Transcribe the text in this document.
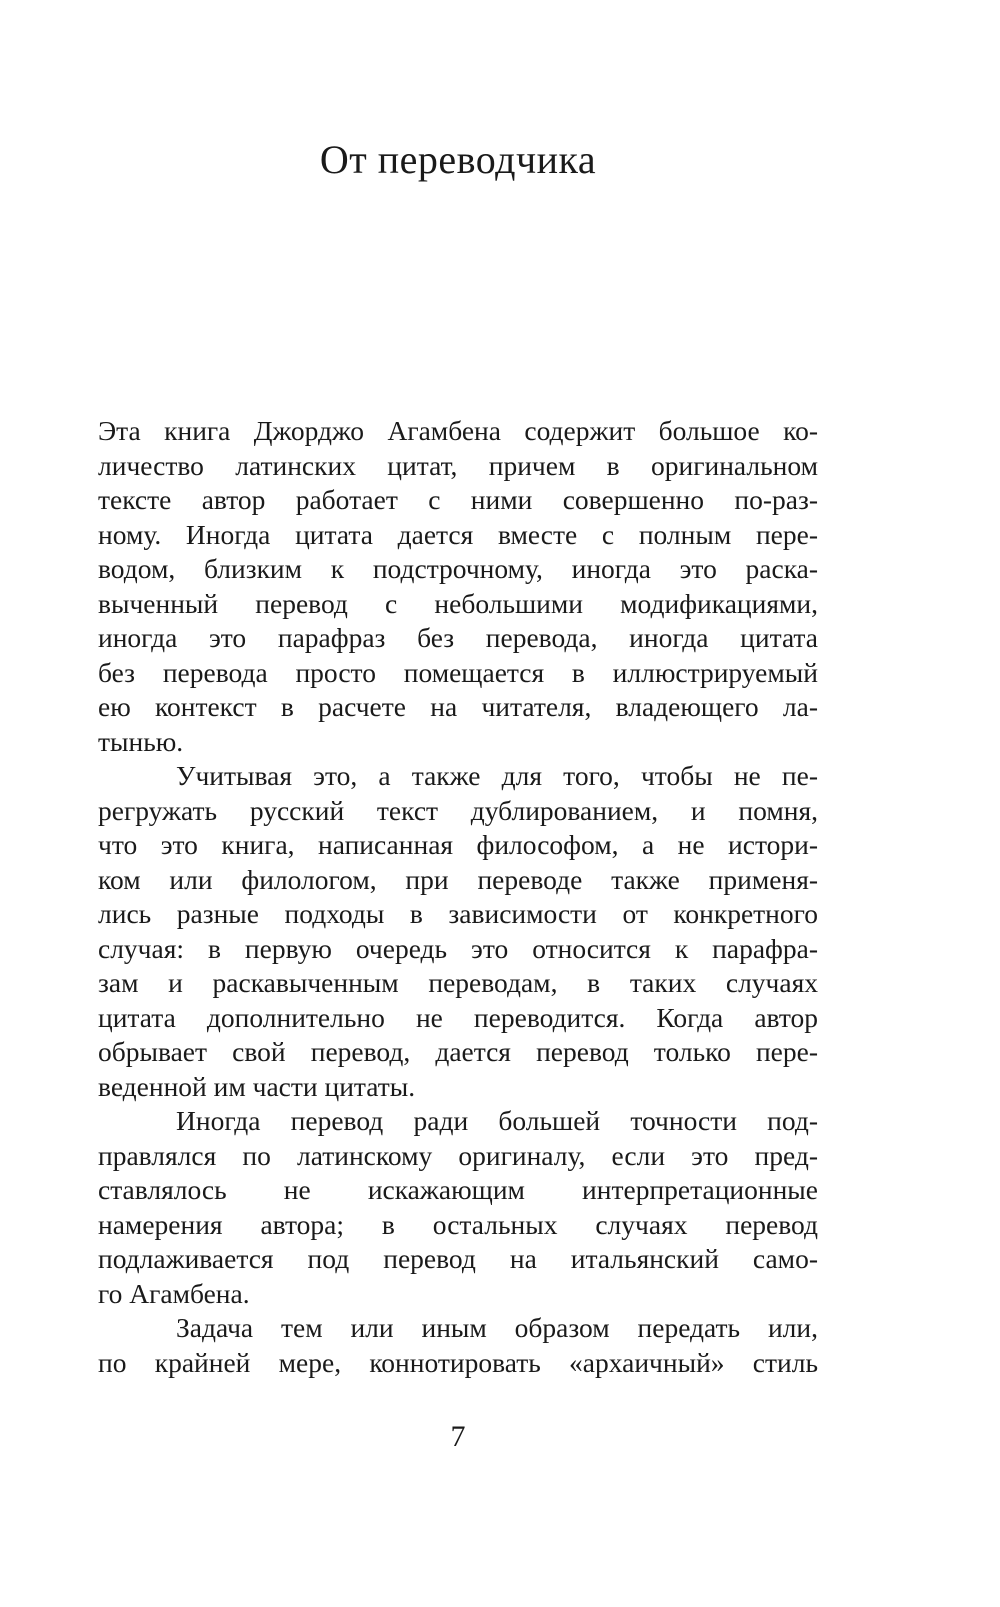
От переводчика
Эта книга Джорджо Агамбена содержит большое ко-
личество латинских цитат, причем в оригинальном
тексте автор работает с ними совершенно по-раз-
ному. Иногда цитата дается вместе с полным пере-
водом, близким к подстрочному, иногда это раска-
выченный перевод с небольшими модификациями,
иногда это парафраз без перевода, иногда цитата
без перевода просто помещается в иллюстрируемый
ею контекст в расчете на читателя, владеющего ла-
тынью.
Учитывая это, а также для того, чтобы не пе-
регружать русский текст дублированием, и помня,
что это книга, написанная философом, а не истори-
ком или филологом, при переводе также применя-
лись разные подходы в зависимости от конкретного
случая: в первую очередь это относится к парафра-
зам и раскавыченным переводам, в таких случаях
цитата дополнительно не переводится. Когда автор
обрывает свой перевод, дается перевод только пере-
веденной им части цитаты.
Иногда перевод ради большей точности под-
правлялся по латинскому оригиналу, если это пред-
ставлялось не искажающим интерпретационные
намерения автора; в остальных случаях перевод
подлаживается под перевод на итальянский само-
го Агамбена.
Задача тем или иным образом передать или,
по крайней мере, коннотировать «архаичный» стиль
7
